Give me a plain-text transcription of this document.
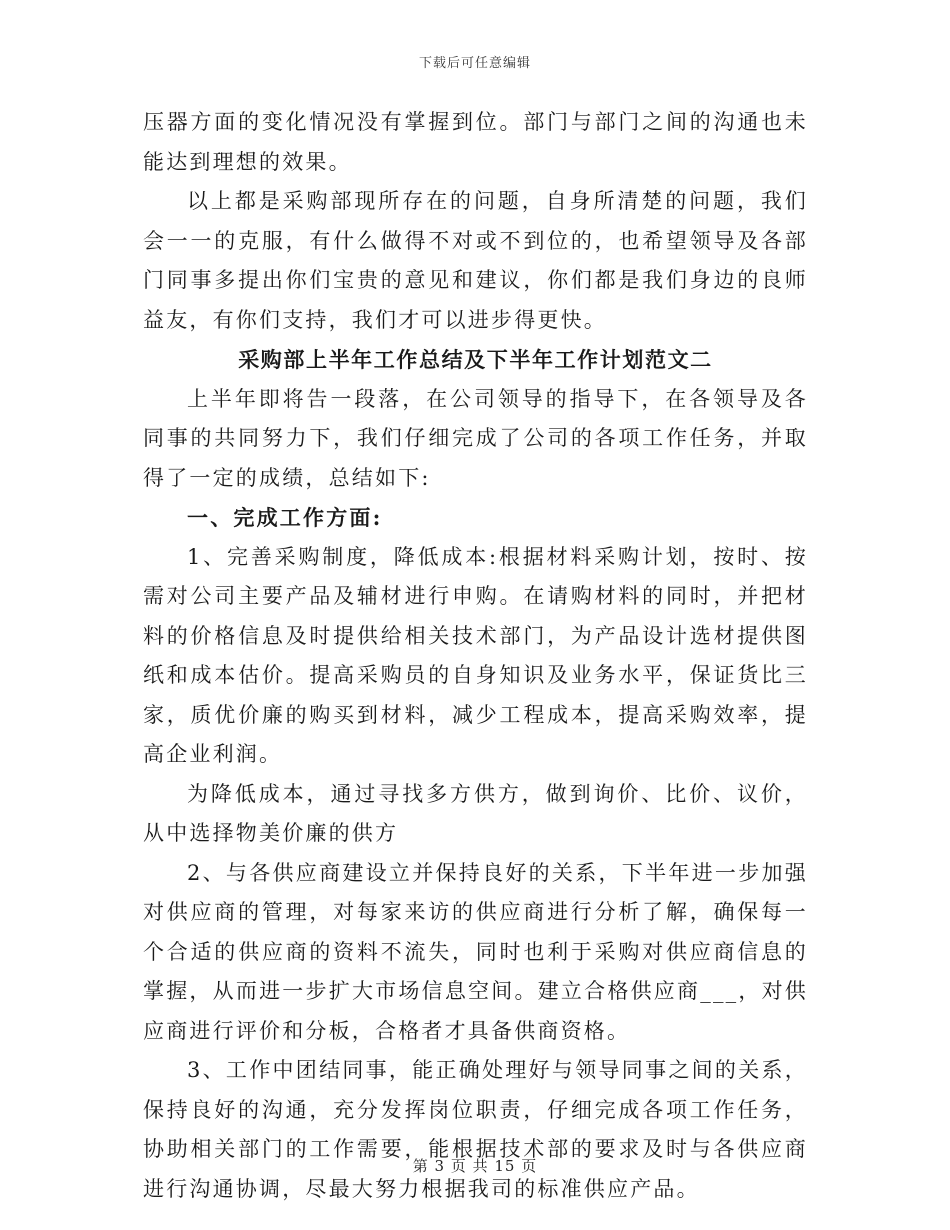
下载后可任意编辑

压器方面的变化情况没有掌握到位。部门与部门之间的沟通也未能达到理想的效果。

以上都是采购部现所存在的问题，自身所清楚的问题，我们会一一的克服，有什么做得不对或不到位的，也希望领导及各部门同事多提出你们宝贵的意见和建议，你们都是我们身边的良师益友，有你们支持，我们才可以进步得更快。

采购部上半年工作总结及下半年工作计划范文二

上半年即将告一段落，在公司领导的指导下，在各领导及各同事的共同努力下，我们仔细完成了公司的各项工作任务，并取得了一定的成绩，总结如下:

一、完成工作方面:

1、完善采购制度，降低成本:根据材料采购计划，按时、按需对公司主要产品及辅材进行申购。在请购材料的同时，并把材料的价格信息及时提供给相关技术部门，为产品设计选材提供图纸和成本估价。提高采购员的自身知识及业务水平，保证货比三家，质优价廉的购买到材料，减少工程成本，提高采购效率，提高企业利润。

为降低成本，通过寻找多方供方，做到询价、比价、议价，从中选择物美价廉的供方

2、与各供应商建设立并保持良好的关系，下半年进一步加强对供应商的管理，对每家来访的供应商进行分析了解，确保每一个合适的供应商的资料不流失，同时也利于采购对供应商信息的掌握，从而进一步扩大市场信息空间。建立合格供应商___，对供应商进行评价和分板，合格者才具备供商资格。

3、工作中团结同事，能正确处理好与领导同事之间的关系，保持良好的沟通，充分发挥岗位职责，仔细完成各项工作任务，协助相关部门的工作需要，能根据技术部的要求及时与各供应商进行沟通协调，尽最大努力根据我司的标准供应产品。

第 3 页 共 15 页
